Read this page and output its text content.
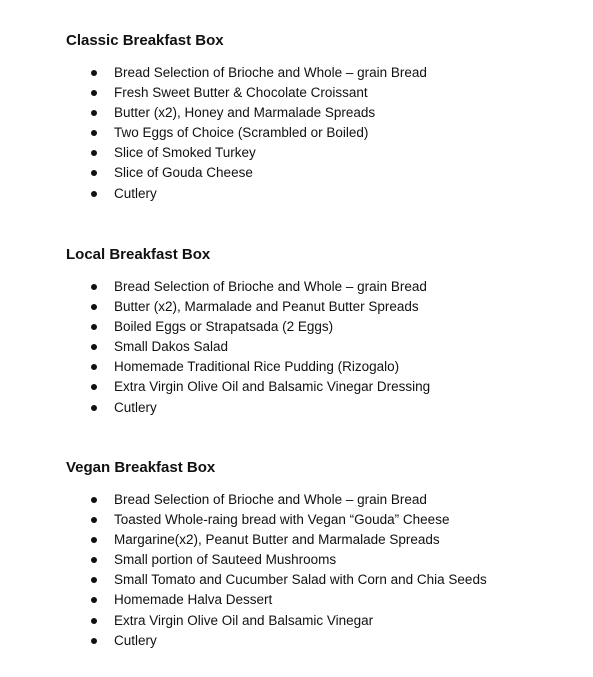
Classic Breakfast Box
Bread Selection of Brioche and Whole – grain Bread
Fresh Sweet Butter & Chocolate Croissant
Butter (x2), Honey and Marmalade Spreads
Two Eggs of Choice (Scrambled or Boiled)
Slice of Smoked Turkey
Slice of Gouda Cheese
Cutlery
Local Breakfast Box
Bread Selection of Brioche and Whole – grain Bread
Butter (x2), Marmalade and Peanut Butter Spreads
Boiled Eggs or Strapatsada (2 Eggs)
Small Dakos Salad
Homemade Traditional Rice Pudding (Rizogalo)
Extra Virgin Olive Oil and Balsamic Vinegar Dressing
Cutlery
Vegan Breakfast Box
Bread Selection of Brioche and Whole – grain Bread
Toasted Whole-raing bread with Vegan “Gouda” Cheese
Margarine(x2), Peanut Butter and Marmalade Spreads
Small portion of Sauteed Mushrooms
Small Tomato and Cucumber Salad with Corn and Chia Seeds
Homemade Halva Dessert
Extra Virgin Olive Oil and Balsamic Vinegar
Cutlery
